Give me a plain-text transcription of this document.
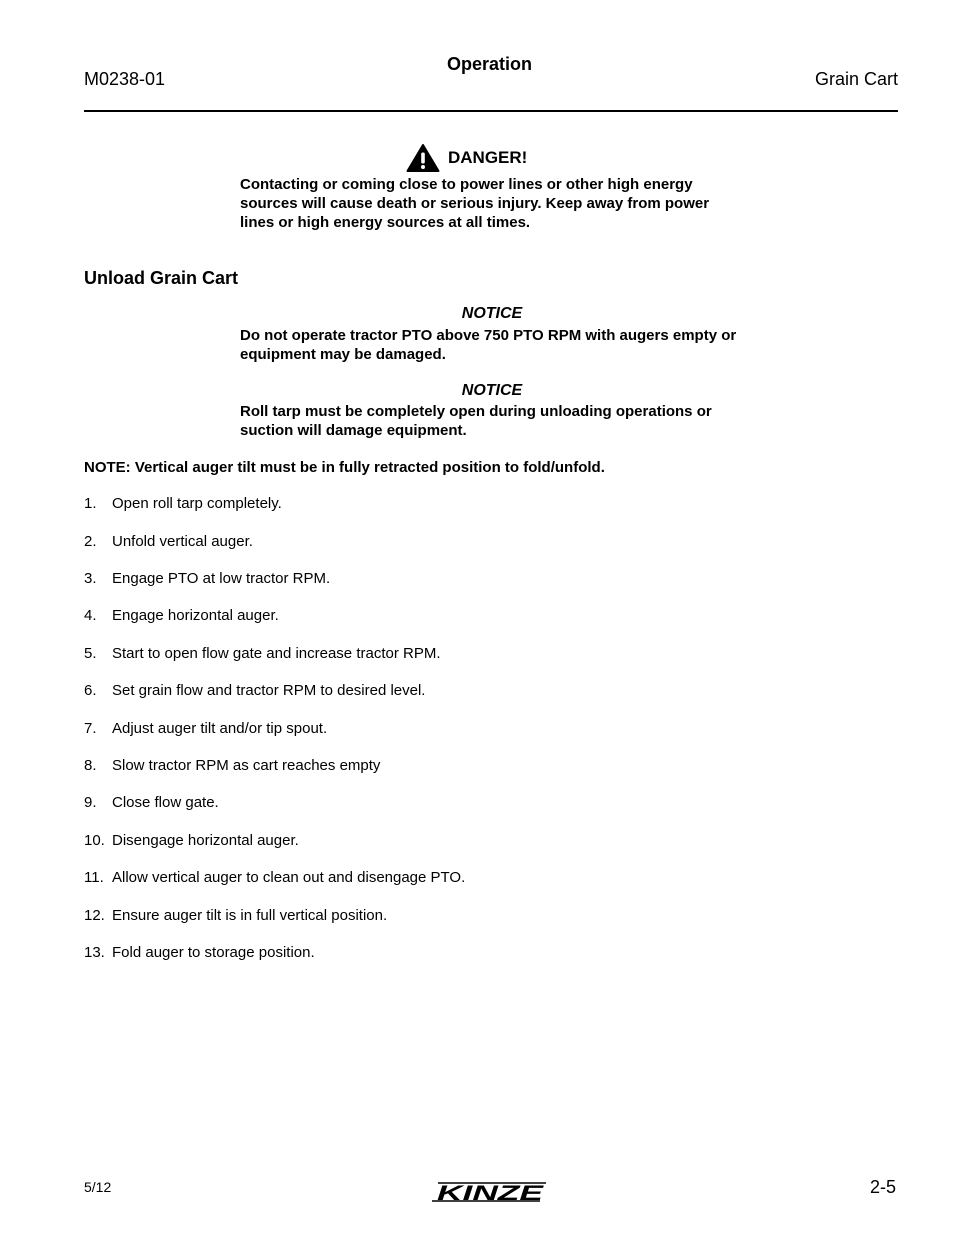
M0238-01
Operation
Grain Cart
DANGER!
Contacting or coming close to power lines or other high energy sources will cause death or serious injury. Keep away from power lines or high energy sources at all times.
Unload Grain Cart
NOTICE
Do not operate tractor PTO above 750 PTO RPM with augers empty or equipment may be damaged.
NOTICE
Roll tarp must be completely open during unloading operations or suction will damage equipment.
NOTE: Vertical auger tilt must be in fully retracted position to fold/unfold.
1. Open roll tarp completely.
2. Unfold vertical auger.
3. Engage PTO at low tractor RPM.
4. Engage horizontal auger.
5. Start to open flow gate and increase tractor RPM.
6. Set grain flow and tractor RPM to desired level.
7. Adjust auger tilt and/or tip spout.
8. Slow tractor RPM as cart reaches empty
9. Close flow gate.
10. Disengage horizontal auger.
11. Allow vertical auger to clean out and disengage PTO.
12. Ensure auger tilt is in full vertical position.
13. Fold auger to storage position.
5/12	KINZE	2-5
